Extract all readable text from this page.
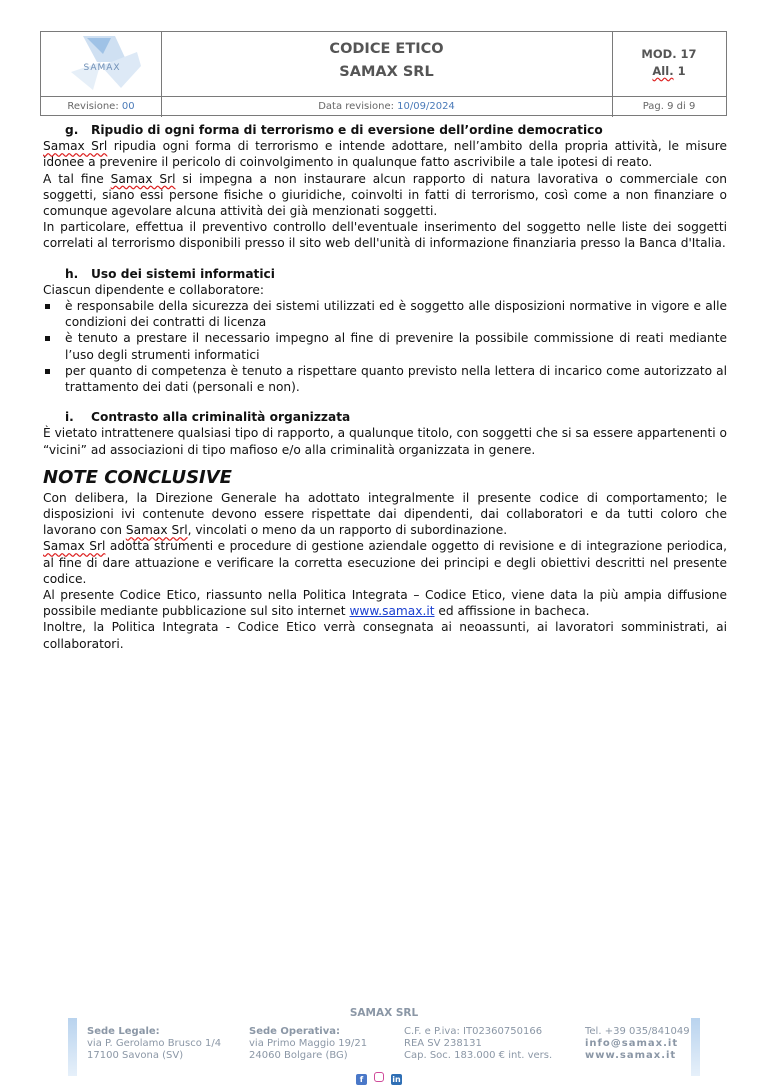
SAMAX
CODICE ETICO
SAMAX SRL
MOD. 17
All. 1
Revisione: 00	Data revisione: 10/09/2024	Pag. 9 di 9
g. Ripudio di ogni forma di terrorismo e di eversione dell’ordine democratico

Samax Srl ripudia ogni forma di terrorismo e intende adottare, nell’ambito della propria attività, le misure idonee a prevenire il pericolo di coinvolgimento in qualunque fatto ascrivibile a tale ipotesi di reato.

A tal fine Samax Srl si impegna a non instaurare alcun rapporto di natura lavorativa o commerciale con soggetti, siano essi persone fisiche o giuridiche, coinvolti in fatti di terrorismo, così come a non finanziare o comunque agevolare alcuna attività dei già menzionati soggetti.

In particolare, effettua il preventivo controllo dell'eventuale inserimento del soggetto nelle liste dei soggetti correlati al terrorismo disponibili presso il sito web dell'unità di informazione finanziaria presso la Banca d'Italia.

h. Uso dei sistemi informatici

Ciascun dipendente e collaboratore:

è responsabile della sicurezza dei sistemi utilizzati ed è soggetto alle disposizioni normative in vigore e alle condizioni dei contratti di licenza
è tenuto a prestare il necessario impegno al fine di prevenire la possibile commissione di reati mediante l’uso degli strumenti informatici
per quanto di competenza è tenuto a rispettare quanto previsto nella lettera di incarico come autorizzato al trattamento dei dati (personali e non).
i. Contrasto alla criminalità organizzata

È vietato intrattenere qualsiasi tipo di rapporto, a qualunque titolo, con soggetti che si sa essere appartenenti o “vicini” ad associazioni di tipo mafioso e/o alla criminalità organizzata in genere.

NOTE CONCLUSIVE

Con delibera, la Direzione Generale ha adottato integralmente il presente codice di comportamento; le disposizioni ivi contenute devono essere rispettate dai dipendenti, dai collaboratori e da tutti coloro che lavorano con Samax Srl, vincolati o meno da un rapporto di subordinazione.

Samax Srl adotta strumenti e procedure di gestione aziendale oggetto di revisione e di integrazione periodica, al fine di dare attuazione e verificare la corretta esecuzione dei principi e degli obiettivi descritti nel presente codice.

Al presente Codice Etico, riassunto nella Politica Integrata – Codice Etico, viene data la più ampia diffusione possibile mediante pubblicazione sul sito internet www.samax.it ed affissione in bacheca.

Inoltre, la Politica Integrata - Codice Etico verrà consegnata ai neoassunti, ai lavoratori somministrati, ai collaboratori.

SAMAX SRL
Sede Legale:
via P. Gerolamo Brusco 1/4
17100 Savona (SV)
Sede Operativa:
via Primo Maggio 19/21
24060 Bolgare (BG)
C.F. e P.iva: IT02360750166
REA SV 238131
Cap. Soc. 183.000 € int. vers.
Tel. +39 035/841049
info@samax.it
www.samax.it
f	in
